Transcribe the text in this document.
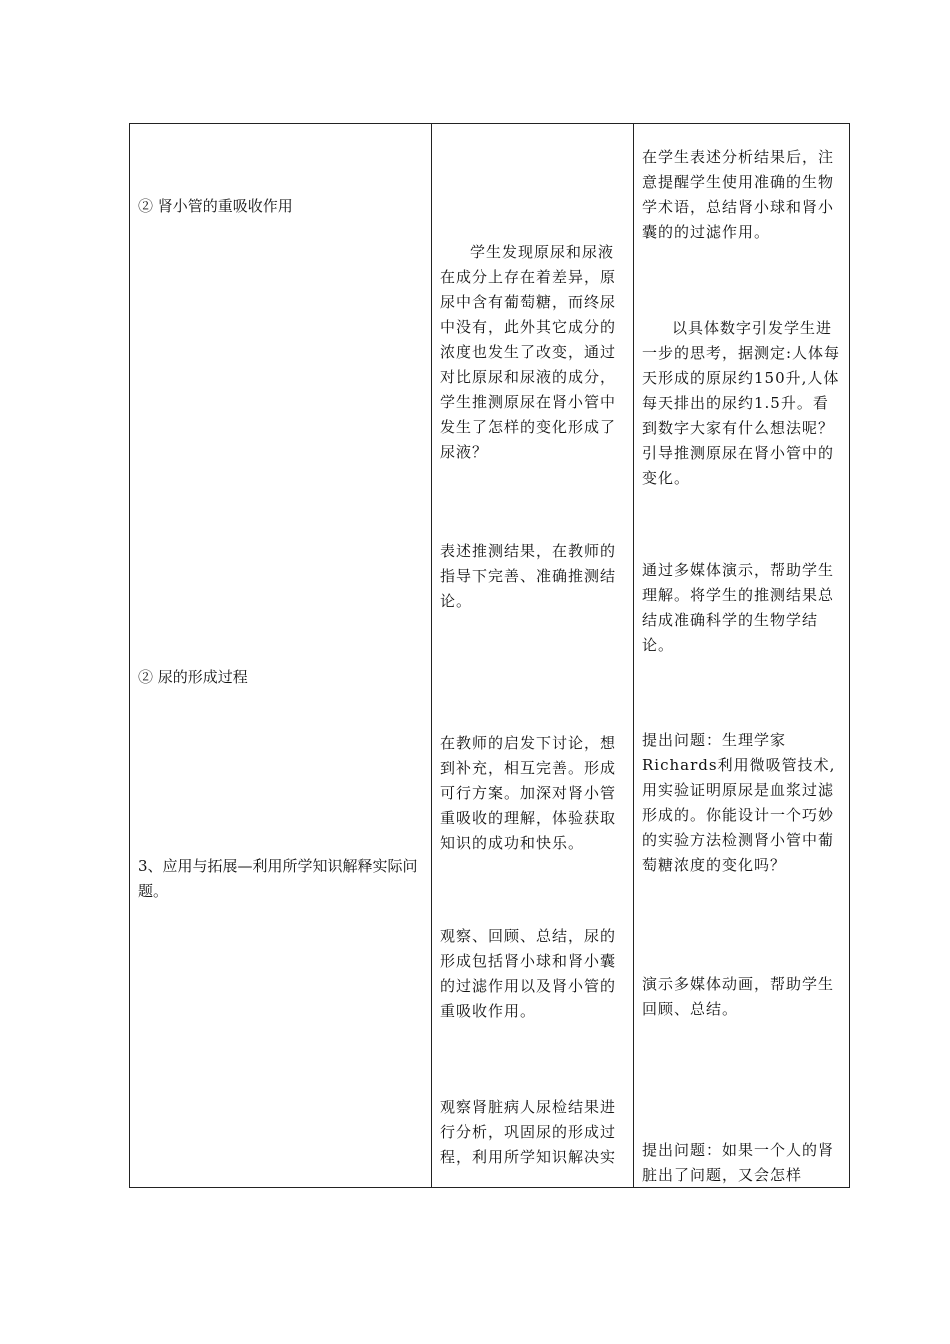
② 肾小管的重吸收作用

② 尿的形成过程

3、应用与拓展—利用所学知识解释实际问题。

学生发现原尿和尿液在成分上存在着差异，原尿中含有葡萄糖，而终尿中没有，此外其它成分的浓度也发生了改变，通过对比原尿和尿液的成分，学生推测原尿在肾小管中发生了怎样的变化形成了尿液？

表述推测结果，在教师的指导下完善、准确推测结论。

在教师的启发下讨论，想到补充，相互完善。形成可行方案。加深对肾小管重吸收的理解，体验获取知识的成功和快乐。

观察、回顾、总结，尿的形成包括肾小球和肾小囊的过滤作用以及肾小管的重吸收作用。

观察肾脏病人尿检结果进行分析，巩固尿的形成过程，利用所学知识解决实

在学生表述分析结果后，注意提醒学生使用准确的生物学术语，总结肾小球和肾小囊的的过滤作用。

以具体数字引发学生进一步的思考，据测定:人体每天形成的原尿约150升,人体每天排出的尿约1.5升。看到数字大家有什么想法呢？引导推测原尿在肾小管中的变化。

通过多媒体演示，帮助学生理解。将学生的推测结果总结成准确科学的生物学结论。

提出问题：生理学家Richards利用微吸管技术,用实验证明原尿是血浆过滤形成的。你能设计一个巧妙的实验方法检测肾小管中葡萄糖浓度的变化吗？

演示多媒体动画，帮助学生回顾、总结。

提出问题：如果一个人的肾脏出了问题，又会怎样
